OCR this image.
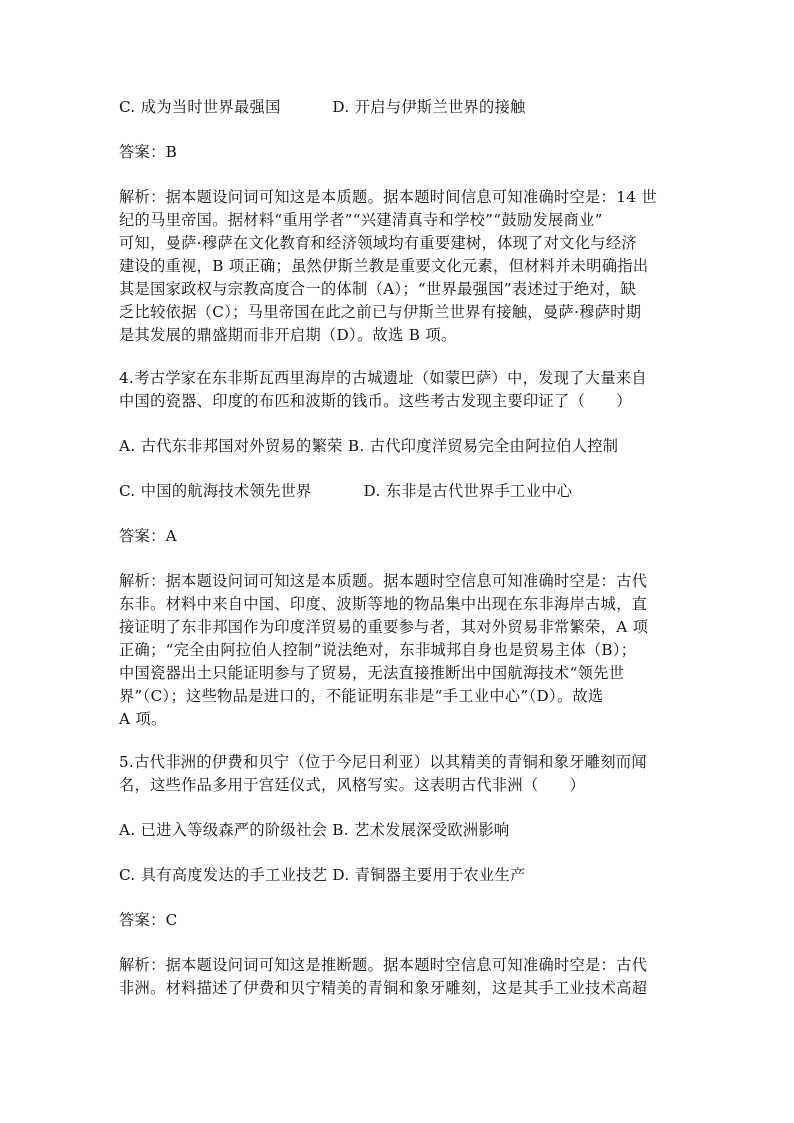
C. 成为当时世界最强国　　　 D. 开启与伊斯兰世界的接触

答案：B

解析：据本题设问词可知这是本质题。据本题时间信息可知准确时空是：14 世

纪的马里帝国。据材料“重用学者”“兴建清真寺和学校”“鼓励发展商业”

可知，曼萨·穆萨在文化教育和经济领域均有重要建树，体现了对文化与经济

建设的重视，B 项正确；虽然伊斯兰教是重要文化元素，但材料并未明确指出

其是国家政权与宗教高度合一的体制（A）；“世界最强国”表述过于绝对，缺

乏比较依据（C）；马里帝国在此之前已与伊斯兰世界有接触，曼萨·穆萨时期

是其发展的鼎盛期而非开启期（D）。故选 B 项。

4.考古学家在东非斯瓦西里海岸的古城遗址（如蒙巴萨）中，发现了大量来自

中国的瓷器、印度的布匹和波斯的钱币。这些考古发现主要印证了（　　）

A. 古代东非邦国对外贸易的繁荣 B. 古代印度洋贸易完全由阿拉伯人控制

C. 中国的航海技术领先世界　　　 D. 东非是古代世界手工业中心

答案：A

解析：据本题设问词可知这是本质题。据本题时空信息可知准确时空是：古代

东非。材料中来自中国、印度、波斯等地的物品集中出现在东非海岸古城，直

接证明了东非邦国作为印度洋贸易的重要参与者，其对外贸易非常繁荣，A 项

正确；“完全由阿拉伯人控制”说法绝对，东非城邦自身也是贸易主体（B）；

中国瓷器出土只能证明参与了贸易，无法直接推断出中国航海技术“领先世

界”（C）；这些物品是进口的，不能证明东非是“手工业中心”（D）。故选

A 项。

5.古代非洲的伊费和贝宁（位于今尼日利亚）以其精美的青铜和象牙雕刻而闻

名，这些作品多用于宫廷仪式，风格写实。这表明古代非洲（　　）

A. 已进入等级森严的阶级社会 B. 艺术发展深受欧洲影响

C. 具有高度发达的手工业技艺 D. 青铜器主要用于农业生产

答案：C

解析：据本题设问词可知这是推断题。据本题时空信息可知准确时空是：古代

非洲。材料描述了伊费和贝宁精美的青铜和象牙雕刻，这是其手工业技术高超
